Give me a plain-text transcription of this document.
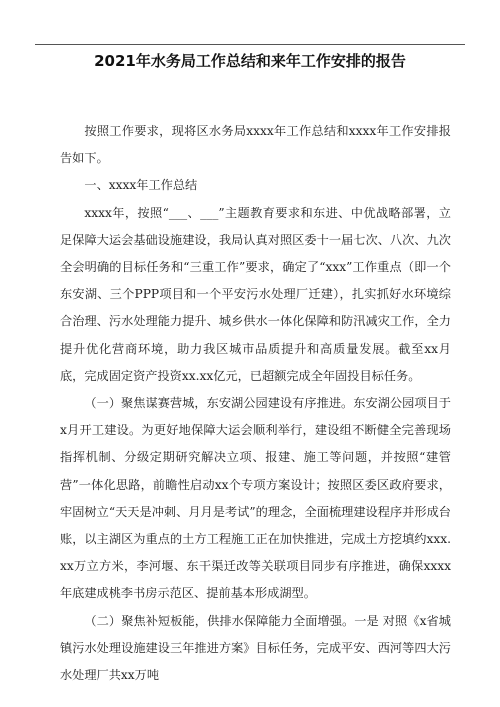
2021年水务局工作总结和来年工作安排的报告

按照工作要求，现将区水务局xxxx年工作总结和xxxx年工作安排报告如下。

一、xxxx年工作总结

xxxx年，按照“___、___”主题教育要求和东进、中优战略部署，立足保障大运会基础设施建设，我局认真对照区委十一届七次、八次、九次全会明确的目标任务和“三重工作”要求，确定了“xxx”工作重点（即一个东安湖、三个PPP项目和一个平安污水处理厂迁建），扎实抓好水环境综合治理、污水处理能力提升、城乡供水一体化保障和防汛减灾工作，全力提升优化营商环境，助力我区城市品质提升和高质量发展。截至xx月底，完成固定资产投资xx.xx亿元，已超额完成全年固投目标任务。

（一）聚焦谋赛营城，东安湖公园建设有序推进。东安湖公园项目于x月开工建设。为更好地保障大运会顺利举行，建设组不断健全完善现场指挥机制、分级定期研究解决立项、报建、施工等问题，并按照“建管营”一体化思路，前瞻性启动xx个专项方案设计；按照区委区政府要求，牢固树立“天天是冲刺、月月是考试”的理念，全面梳理建设程序并形成台账，以主湖区为重点的土方工程施工正在加快推进，完成土方挖填约xxx.xx万立方米，李河堰、东干渠迁改等关联项目同步有序推进，确保xxxx年底建成桃李书房示范区、提前基本形成湖型。

（二）聚焦补短板能，供排水保障能力全面增强。一是 对照《x省城镇污水处理设施建设三年推进方案》目标任务，完成平安、西河等四大污水处理厂共xx万吨
